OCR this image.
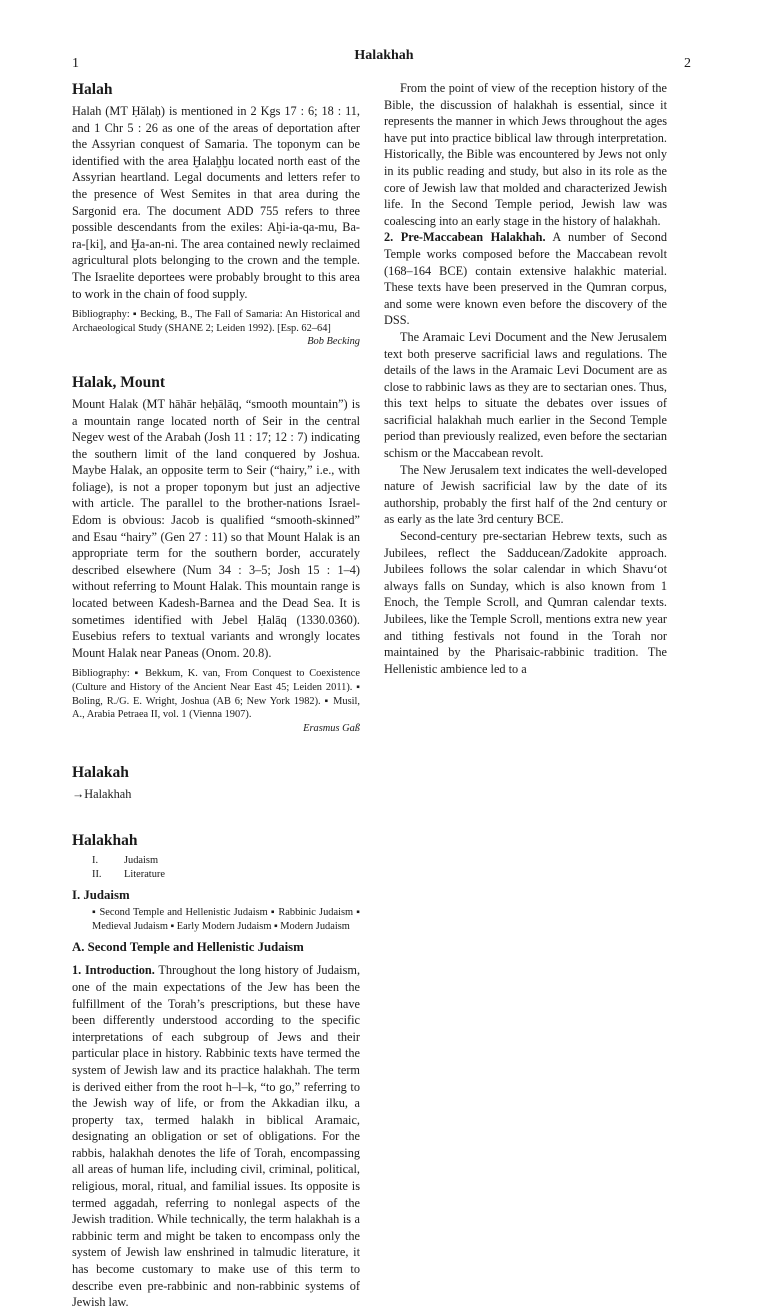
1
Halakhah
2
Halah

Halah (MT Ḥălaḥ) is mentioned in 2 Kgs 17 : 6; 18 : 11, and 1 Chr 5 : 26 as one of the areas of deportation after the Assyrian conquest of Samaria. The toponym can be identified with the area Ḫalaḫḫu located north east of the Assyrian heartland. Legal documents and letters refer to the presence of West Semites in that area during the Sargonid era. The document ADD 755 refers to three possible descendants from the exiles: Aḫi-ia-qa-mu, Ba-ra-[ki], and Ḫa-an-ni. The area contained newly reclaimed agricultural plots belonging to the crown and the temple. The Israelite deportees were probably brought to this area to work in the chain of food supply.

Bibliography: ▪ Becking, B., The Fall of Samaria: An Historical and Archaeological Study (SHANE 2; Leiden 1992). [Esp. 62–64]

Bob Becking
Halak, Mount

Mount Halak (MT hāhār heḥālāq, “smooth mountain”) is a mountain range located north of Seir in the central Negev west of the Arabah (Josh 11 : 17; 12 : 7) indicating the southern limit of the land conquered by Joshua. Maybe Halak, an opposite term to Seir (“hairy,” i.e., with foliage), is not a proper toponym but just an adjective with article. The parallel to the brother-nations Israel-Edom is obvious: Jacob is qualified “smooth-skinned” and Esau “hairy” (Gen 27 : 11) so that Mount Halak is an appropriate term for the southern border, accurately described elsewhere (Num 34 : 3–5; Josh 15 : 1–4) without referring to Mount Halak. This mountain range is located between Kadesh-Barnea and the Dead Sea. It is sometimes identified with Jebel Ḥalāq (1330.0360). Eusebius refers to textual variants and wrongly locates Mount Halak near Paneas (Onom. 20.8).

Bibliography: ▪ Bekkum, K. van, From Conquest to Coexistence (Culture and History of the Ancient Near East 45; Leiden 2011). ▪ Boling, R./G. E. Wright, Joshua (AB 6; New York 1982). ▪ Musil, A., Arabia Petraea II, vol. 1 (Vienna 1907).

Erasmus Gaß
Halakah

→Halakhah

Halakhah
I.	Judaism
II.	Literature
I. Judaism

▪ Second Temple and Hellenistic Judaism ▪ Rabbinic Judaism ▪ Medieval Judaism ▪ Early Modern Judaism ▪ Modern Judaism

A. Second Temple and Hellenistic Judaism

1. Introduction. Throughout the long history of Judaism, one of the main expectations of the Jew has been the fulfillment of the Torah’s prescriptions, but these have been differently understood according to the specific interpretations of each subgroup of Jews and their particular place in history. Rabbinic texts have termed the system of Jewish law and its practice halakhah. The term is derived either from the root h–l–k, “to go,” referring to the Jewish way of life, or from the Akkadian ilku, a property tax, termed halakh in biblical Aramaic, designating an obligation or set of obligations. For the rabbis, halakhah denotes the life of Torah, encompassing all areas of human life, including civil, criminal, political, religious, moral, ritual, and familial issues. Its opposite is termed aggadah, referring to nonlegal aspects of the Jewish tradition. While technically, the term halakhah is a rabbinic term and might be taken to encompass only the system of Jewish law enshrined in talmudic literature, it has become customary to make use of this term to describe even pre-rabbinic and non-rabbinic systems of Jewish law.

From the point of view of the reception history of the Bible, the discussion of halakhah is essential, since it represents the manner in which Jews throughout the ages have put into practice biblical law through interpretation. Historically, the Bible was encountered by Jews not only in its public reading and study, but also in its role as the core of Jewish law that molded and characterized Jewish life. In the Second Temple period, Jewish law was coalescing into an early stage in the history of halakhah.

2. Pre-Maccabean Halakhah. A number of Second Temple works composed before the Maccabean revolt (168–164 BCE) contain extensive halakhic material. These texts have been preserved in the Qumran corpus, and some were known even before the discovery of the DSS.

The Aramaic Levi Document and the New Jerusalem text both preserve sacrificial laws and regulations. The details of the laws in the Aramaic Levi Document are as close to rabbinic laws as they are to sectarian ones. Thus, this text helps to situate the debates over issues of sacrificial halakhah much earlier in the Second Temple period than previously realized, even before the sectarian schism or the Maccabean revolt.

The New Jerusalem text indicates the well-developed nature of Jewish sacrificial law by the date of its authorship, probably the first half of the 2nd century or as early as the late 3rd century BCE.

Second-century pre-sectarian Hebrew texts, such as Jubilees, reflect the Sadducean/Zadokite approach. Jubilees follows the solar calendar in which Shavu‘ot always falls on Sunday, which is also known from 1 Enoch, the Temple Scroll, and Qumran calendar texts. Jubilees, like the Temple Scroll, mentions extra new year and tithing festivals not found in the Torah nor maintained by the Pharisaic-rabbinic tradition. The Hellenistic ambience led to a
